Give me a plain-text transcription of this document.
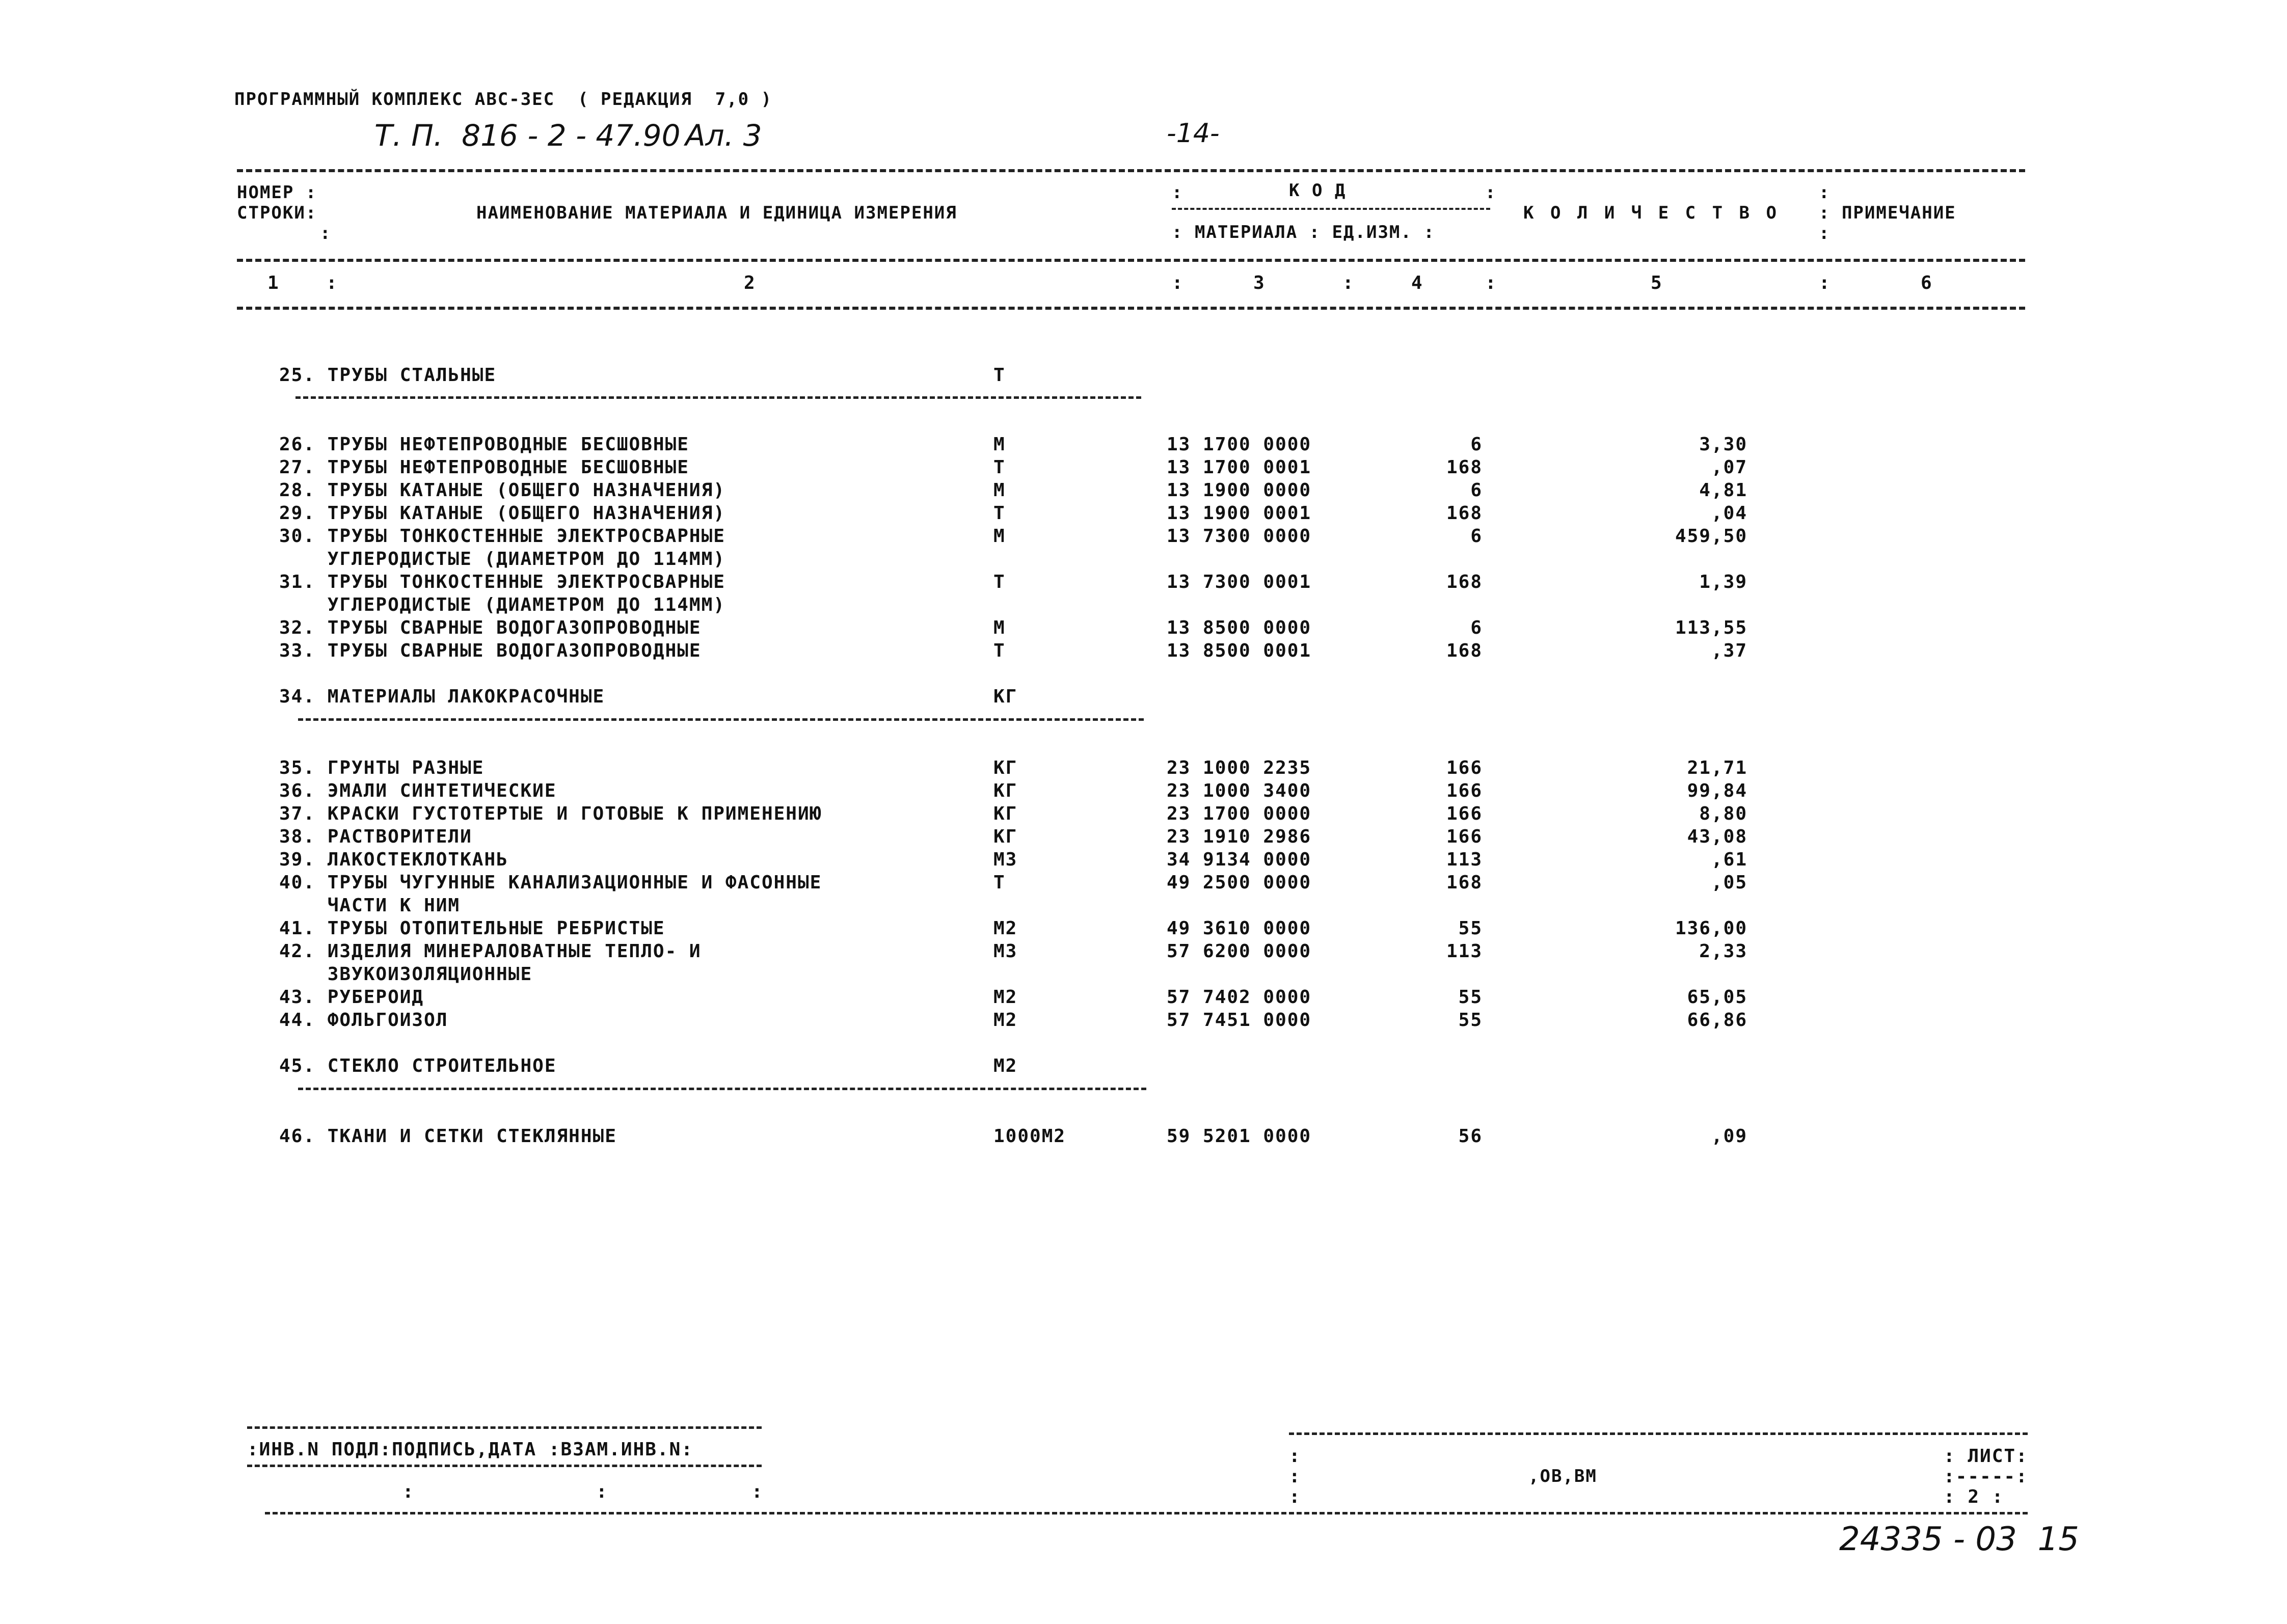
ПРОГРАММНЫЙ КОМПЛЕКС АВС-3ЕС  ( РЕДАКЦИЯ  7,0 )
Т. П.  816 - 2 - 47.90 Ал. 3	-14-
НОМЕР :
СТРОКИ:
:
НАИМЕНОВАНИЕ МАТЕРИАЛА И ЕДИНИЦА ИЗМЕРЕНИЯ
:	К О Д	:
: МАТЕРИАЛА : ЕД.ИЗМ. :
К О Л И Ч Е С Т В О
:
: ПРИМЕЧАНИЕ
:
1	:	2	:	3	:	4	:	5	:	6
25. ТРУБЫ СТАЛЬНЫЕ	Т
26. ТРУБЫ НЕФТЕПРОВОДНЫЕ БЕСШОВНЫЕ	М	13 1700 0000	6	3,30
27. ТРУБЫ НЕФТЕПРОВОДНЫЕ БЕСШОВНЫЕ	Т	13 1700 0001	168	,07
28. ТРУБЫ КАТАНЫЕ (ОБЩЕГО НАЗНАЧЕНИЯ)	М	13 1900 0000	6	4,81
29. ТРУБЫ КАТАНЫЕ (ОБЩЕГО НАЗНАЧЕНИЯ)	Т	13 1900 0001	168	,04
30. ТРУБЫ ТОНКОСТЕННЫЕ ЭЛЕКТРОСВАРНЫЕ	М	13 7300 0000	6	459,50
УГЛЕРОДИСТЫЕ (ДИАМЕТРОМ ДО 114ММ)
31. ТРУБЫ ТОНКОСТЕННЫЕ ЭЛЕКТРОСВАРНЫЕ	Т	13 7300 0001	168	1,39
УГЛЕРОДИСТЫЕ (ДИАМЕТРОМ ДО 114ММ)
32. ТРУБЫ СВАРНЫЕ ВОДОГАЗОПРОВОДНЫЕ	М	13 8500 0000	6	113,55
33. ТРУБЫ СВАРНЫЕ ВОДОГАЗОПРОВОДНЫЕ	Т	13 8500 0001	168	,37
34. МАТЕРИАЛЫ ЛАКОКРАСОЧНЫЕ	КГ
35. ГРУНТЫ РАЗНЫЕ	КГ	23 1000 2235	166	21,71
36. ЭМАЛИ СИНТЕТИЧЕСКИЕ	КГ	23 1000 3400	166	99,84
37. КРАСКИ ГУСТОТЕРТЫЕ И ГОТОВЫЕ К ПРИМЕНЕНИЮ	КГ	23 1700 0000	166	8,80
38. РАСТВОРИТЕЛИ	КГ	23 1910 2986	166	43,08
39. ЛАКОСТЕКЛОТКАНЬ	М3	34 9134 0000	113	,61
40. ТРУБЫ ЧУГУННЫЕ КАНАЛИЗАЦИОННЫЕ И ФАСОННЫЕ	Т	49 2500 0000	168	,05
ЧАСТИ К НИМ
41. ТРУБЫ ОТОПИТЕЛЬНЫЕ РЕБРИСТЫЕ	М2	49 3610 0000	55	136,00
42. ИЗДЕЛИЯ МИНЕРАЛОВАТНЫЕ ТЕПЛО- И	М3	57 6200 0000	113	2,33
ЗВУКОИЗОЛЯЦИОННЫЕ
43. РУБЕРОИД	М2	57 7402 0000	55	65,05
44. ФОЛЬГОИЗОЛ	М2	57 7451 0000	55	66,86
45. СТЕКЛО СТРОИТЕЛЬНОЕ	М2
46. ТКАНИ И СЕТКИ СТЕКЛЯННЫЕ	1000М2	59 5201 0000	56	,09
:ИНВ.N ПОДЛ:ПОДПИСЬ,ДАТА :ВЗАМ.ИНВ.N:
:	:	:
:
:
:
,ОВ,ВМ
: ЛИСТ:
:-----:
: 2 :
24335 - 03  15
